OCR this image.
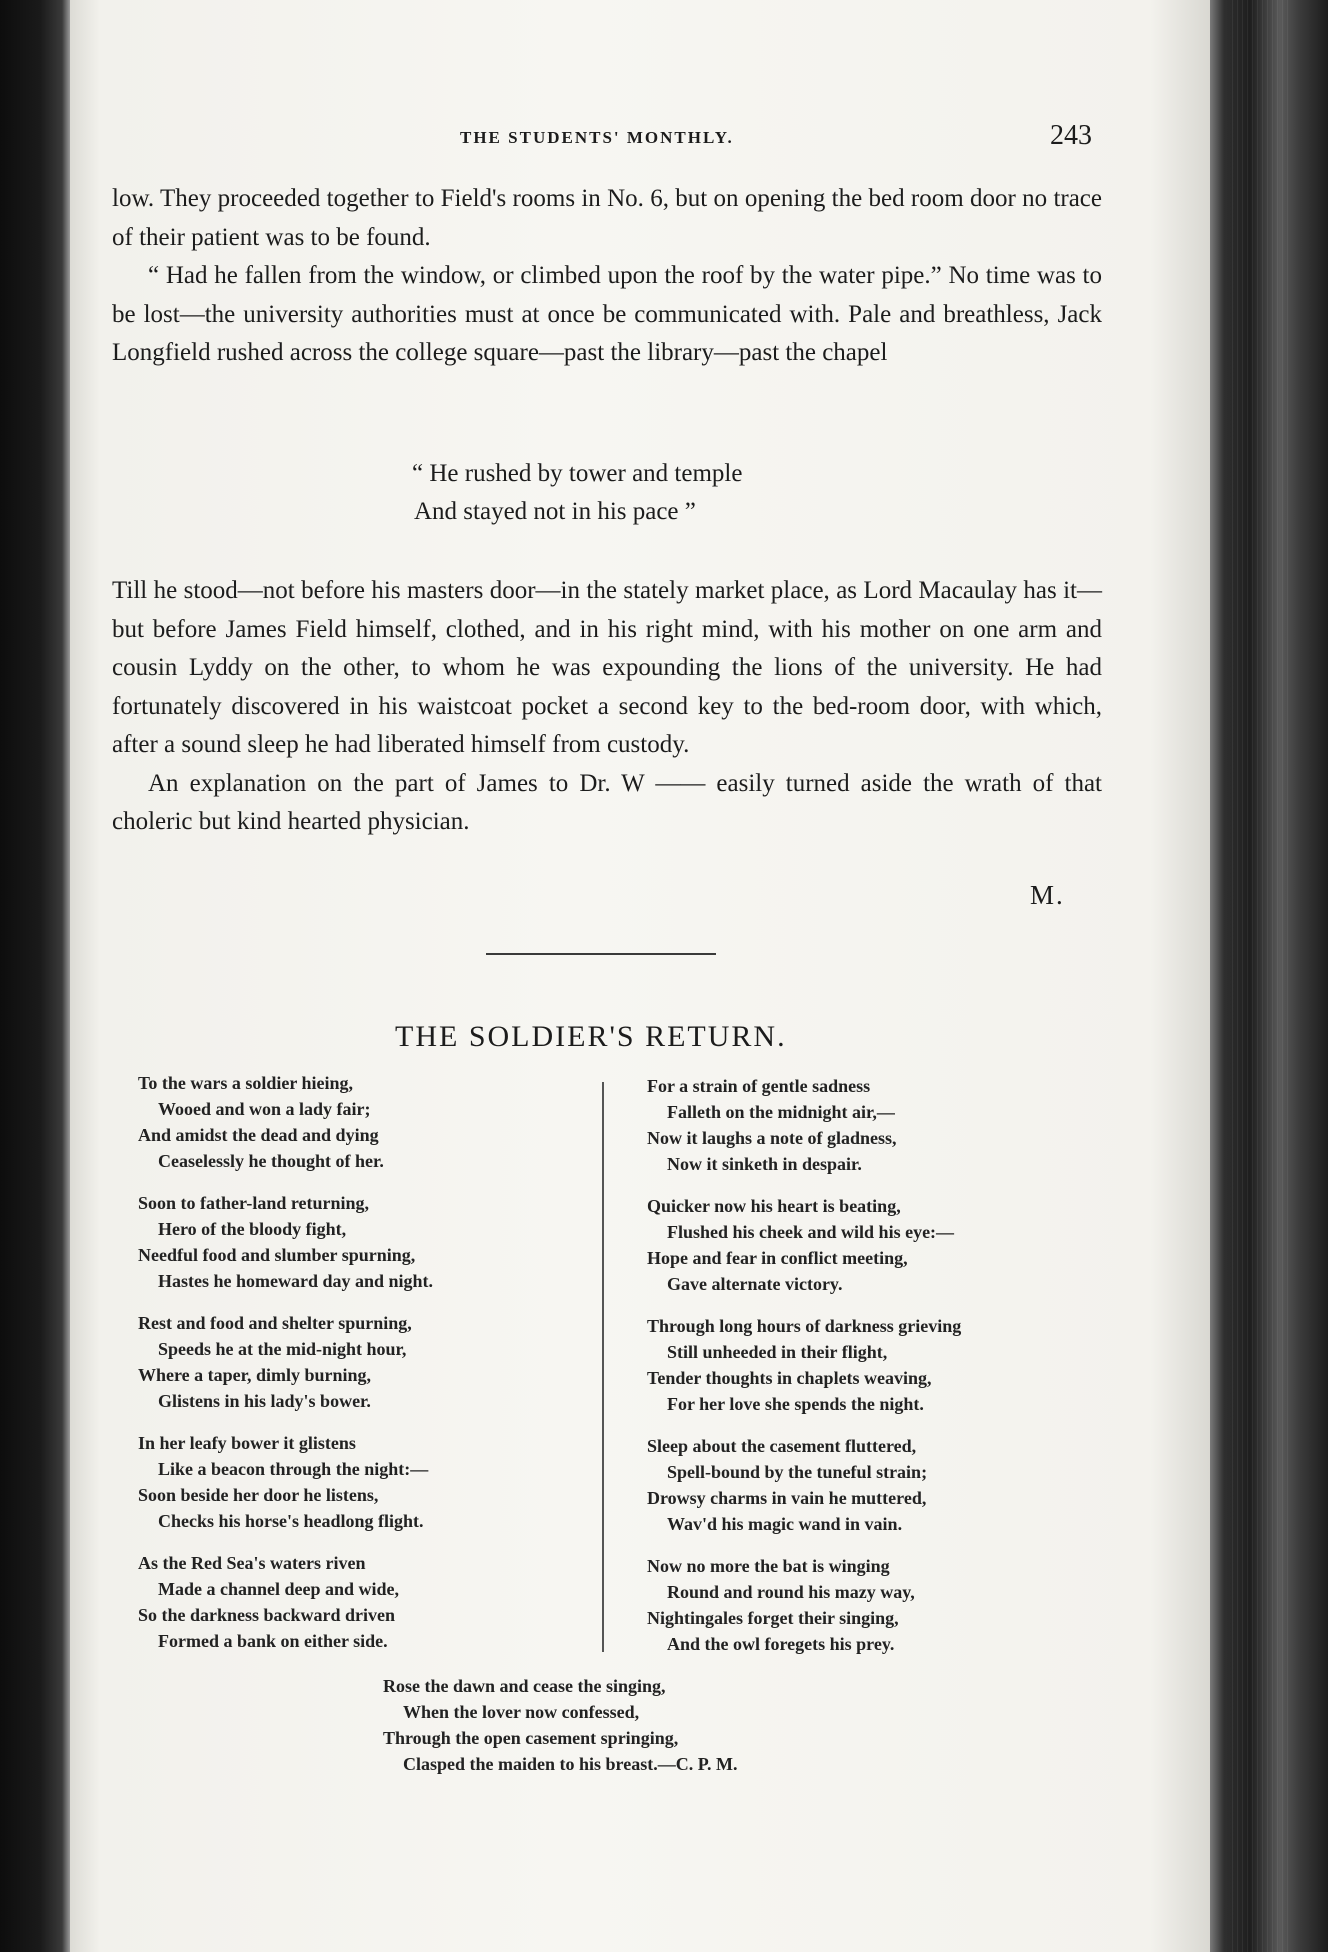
THE STUDENTS' MONTHLY.	243

low. They proceeded together to Field's rooms in No. 6, but on opening the bed room door no trace of their patient was to be found.

“ Had he fallen from the window, or climbed upon the roof by the water pipe.” No time was to be lost—the university authorities must at once be communicated with. Pale and breathless, Jack Longfield rushed across the college square—past the library—past the chapel

“ He rushed by tower and temple
And stayed not in his pace ”

Till he stood—not before his masters door—in the stately market place, as Lord Macaulay has it—but before James Field himself, clothed, and in his right mind, with his mother on one arm and cousin Lyddy on the other, to whom he was expounding the lions of the university. He had fortunately discovered in his waistcoat pocket a second key to the bed-room door, with which, after a sound sleep he had liberated himself from custody.

An explanation on the part of James to Dr. W —— easily turned aside the wrath of that choleric but kind hearted physician.

M.
THE SOLDIER'S RETURN.
To the wars a soldier hieing,
Wooed and won a lady fair;
And amidst the dead and dying
Ceaselessly he thought of her.
Soon to father-land returning,
Hero of the bloody fight,
Needful food and slumber spurning,
Hastes he homeward day and night.
Rest and food and shelter spurning,
Speeds he at the mid-night hour,
Where a taper, dimly burning,
Glistens in his lady's bower.
In her leafy bower it glistens
Like a beacon through the night:—
Soon beside her door he listens,
Checks his horse's headlong flight.
As the Red Sea's waters riven
Made a channel deep and wide,
So the darkness backward driven
Formed a bank on either side.
For a strain of gentle sadness
Falleth on the midnight air,—
Now it laughs a note of gladness,
Now it sinketh in despair.
Quicker now his heart is beating,
Flushed his cheek and wild his eye:—
Hope and fear in conflict meeting,
Gave alternate victory.
Through long hours of darkness grieving
Still unheeded in their flight,
Tender thoughts in chaplets weaving,
For her love she spends the night.
Sleep about the casement fluttered,
Spell-bound by the tuneful strain;
Drowsy charms in vain he muttered,
Wav'd his magic wand in vain.
Now no more the bat is winging
Round and round his mazy way,
Nightingales forget their singing,
And the owl foregets his prey.
Rose the dawn and cease the singing,
When the lover now confessed,
Through the open casement springing,
Clasped the maiden to his breast.—C. P. M.
